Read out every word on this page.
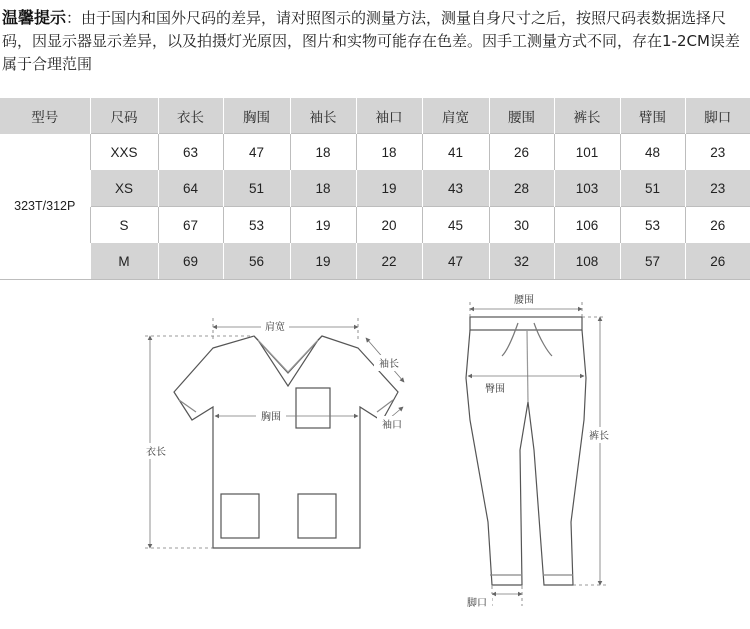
温馨提示：由于国内和国外尺码的差异，请对照图示的测量方法，测量自身尺寸之后，按照尺码表数据选择尺码，因显示器显示差异，以及拍摄灯光原因，图片和实物可能存在色差。因手工测量方式不同，存在1-2CM误差属于合理范围
型号	尺码	衣长	胸围	袖长	袖口	肩宽	腰围	裤长	臂围	脚口
323T/312P	XXS	63	47	18	18	41	26	101	48	23
	XS	64	51	18	19	43	28	103	51	23
	S	67	53	19	20	45	30	106	53	26
	M	69	56	19	22	47	32	108	57	26
肩宽
袖长
胸围
袖口
衣长
腰围
臀围
裤长
脚口
